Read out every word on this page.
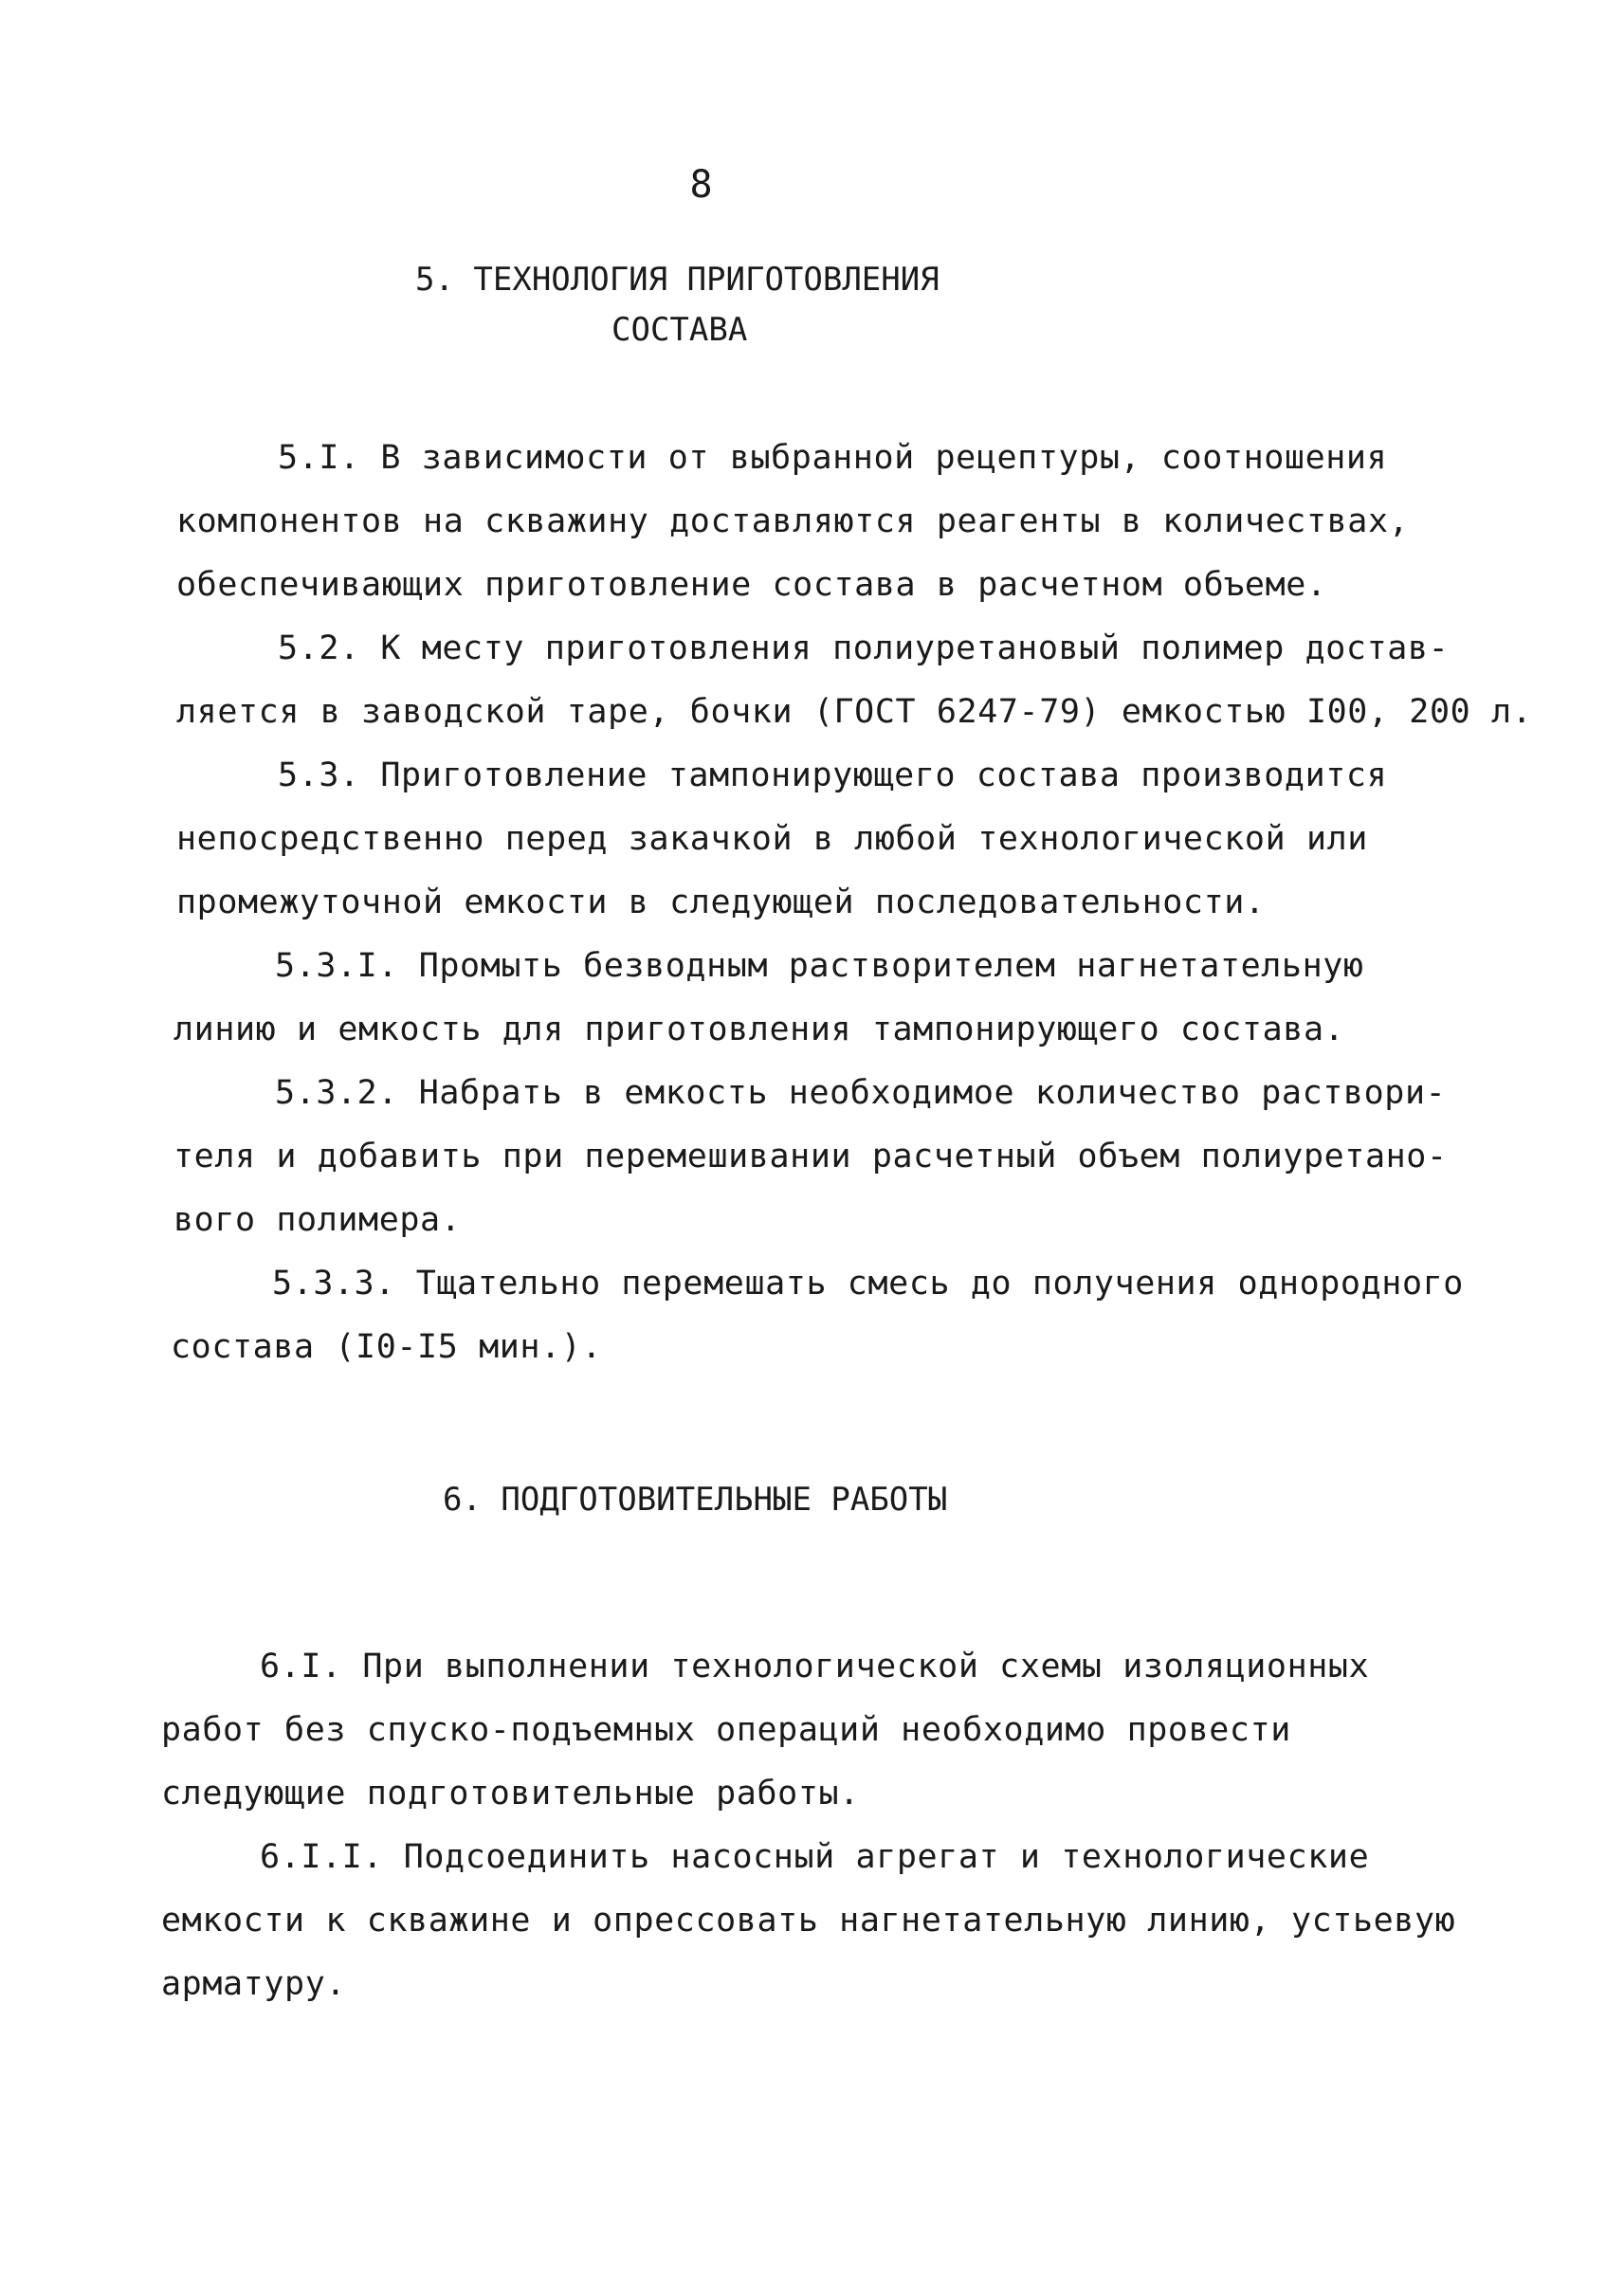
8
5. ТЕХНОЛОГИЯ ПРИГОТОВЛЕНИЯ
СОСТАВА
5.I. В зависимости от выбранной рецептуры, соотношения
компонентов на скважину доставляются реагенты в количествах,
обеспечивающих приготовление состава в расчетном объеме.
5.2. К месту приготовления полиуретановый полимер достав-
ляется в заводской таре, бочки (ГОСТ 6247-79) емкостью I00, 200 л.
5.3. Приготовление тампонирующего состава производится
непосредственно перед закачкой в любой технологической или
промежуточной емкости в следующей последовательности.
5.3.I. Промыть безводным растворителем нагнетательную
линию и емкость для приготовления тампонирующего состава.
5.3.2. Набрать в емкость необходимое количество раствори-
теля и добавить при перемешивании расчетный объем полиуретано-
вого полимера.
5.3.3. Тщательно перемешать смесь до получения однородного
состава (I0-I5 мин.).
6. ПОДГОТОВИТЕЛЬНЫЕ РАБОТЫ
6.I. При выполнении технологической схемы изоляционных
работ без спуско-подъемных операций необходимо провести
следующие подготовительные работы.
6.I.I. Подсоединить насосный агрегат и технологические
емкости к скважине и опрессовать нагнетательную линию, устьевую
арматуру.
